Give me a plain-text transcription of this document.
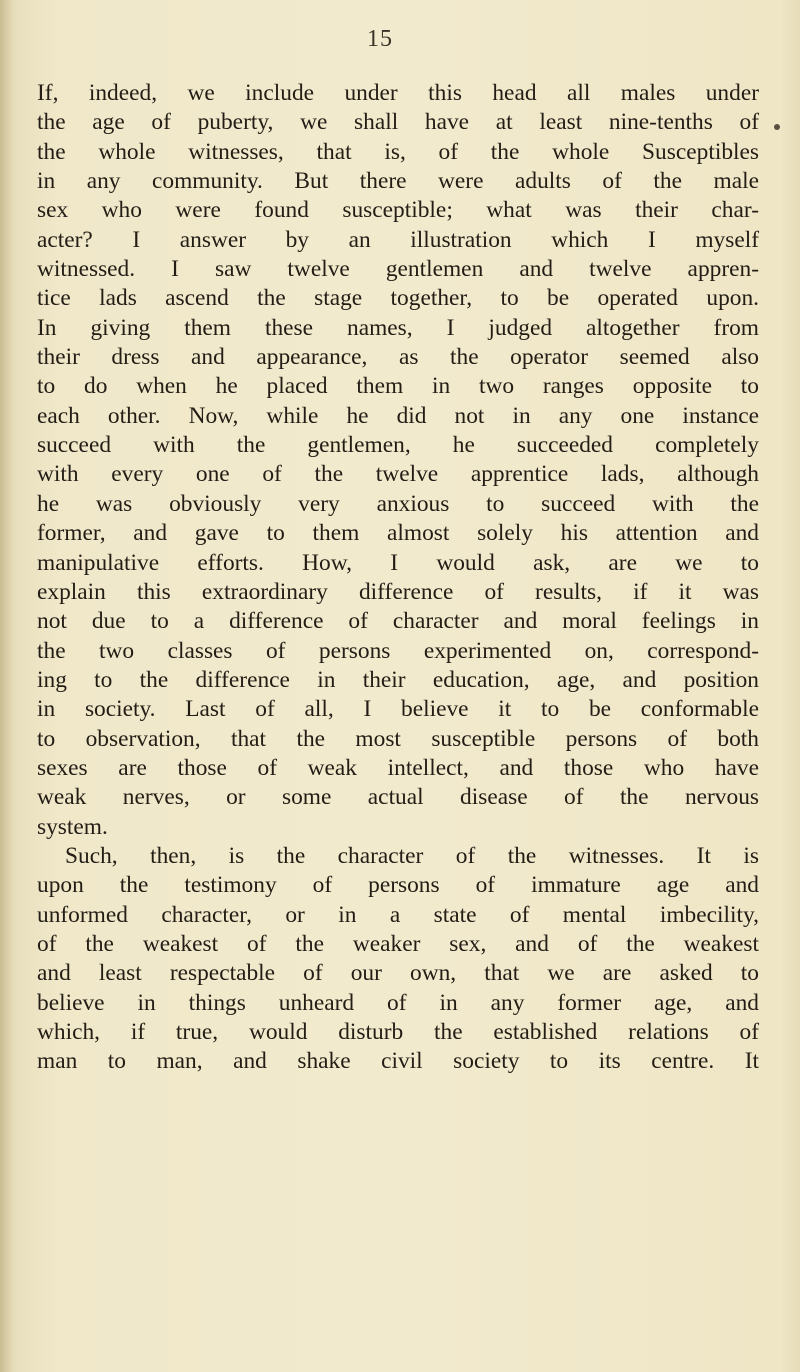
15
If, indeed, we include under this head all males under
the age of puberty, we shall have at least nine-tenths of
the whole witnesses, that is, of the whole Susceptibles
in any community. But there were adults of the male
sex who were found susceptible; what was their char-
acter? I answer by an illustration which I myself
witnessed. I saw twelve gentlemen and twelve appren-
tice lads ascend the stage together, to be operated upon.
In giving them these names, I judged altogether from
their dress and appearance, as the operator seemed also
to do when he placed them in two ranges opposite to
each other. Now, while he did not in any one instance
succeed with the gentlemen, he succeeded completely
with every one of the twelve apprentice lads, although
he was obviously very anxious to succeed with the
former, and gave to them almost solely his attention and
manipulative efforts. How, I would ask, are we to
explain this extraordinary difference of results, if it was
not due to a difference of character and moral feelings in
the two classes of persons experimented on, correspond-
ing to the difference in their education, age, and position
in society. Last of all, I believe it to be conformable
to observation, that the most susceptible persons of both
sexes are those of weak intellect, and those who have
weak nerves, or some actual disease of the nervous
system.
Such, then, is the character of the witnesses. It is
upon the testimony of persons of immature age and
unformed character, or in a state of mental imbecility,
of the weakest of the weaker sex, and of the weakest
and least respectable of our own, that we are asked to
believe in things unheard of in any former age, and
which, if true, would disturb the established relations of
man to man, and shake civil society to its centre. It
